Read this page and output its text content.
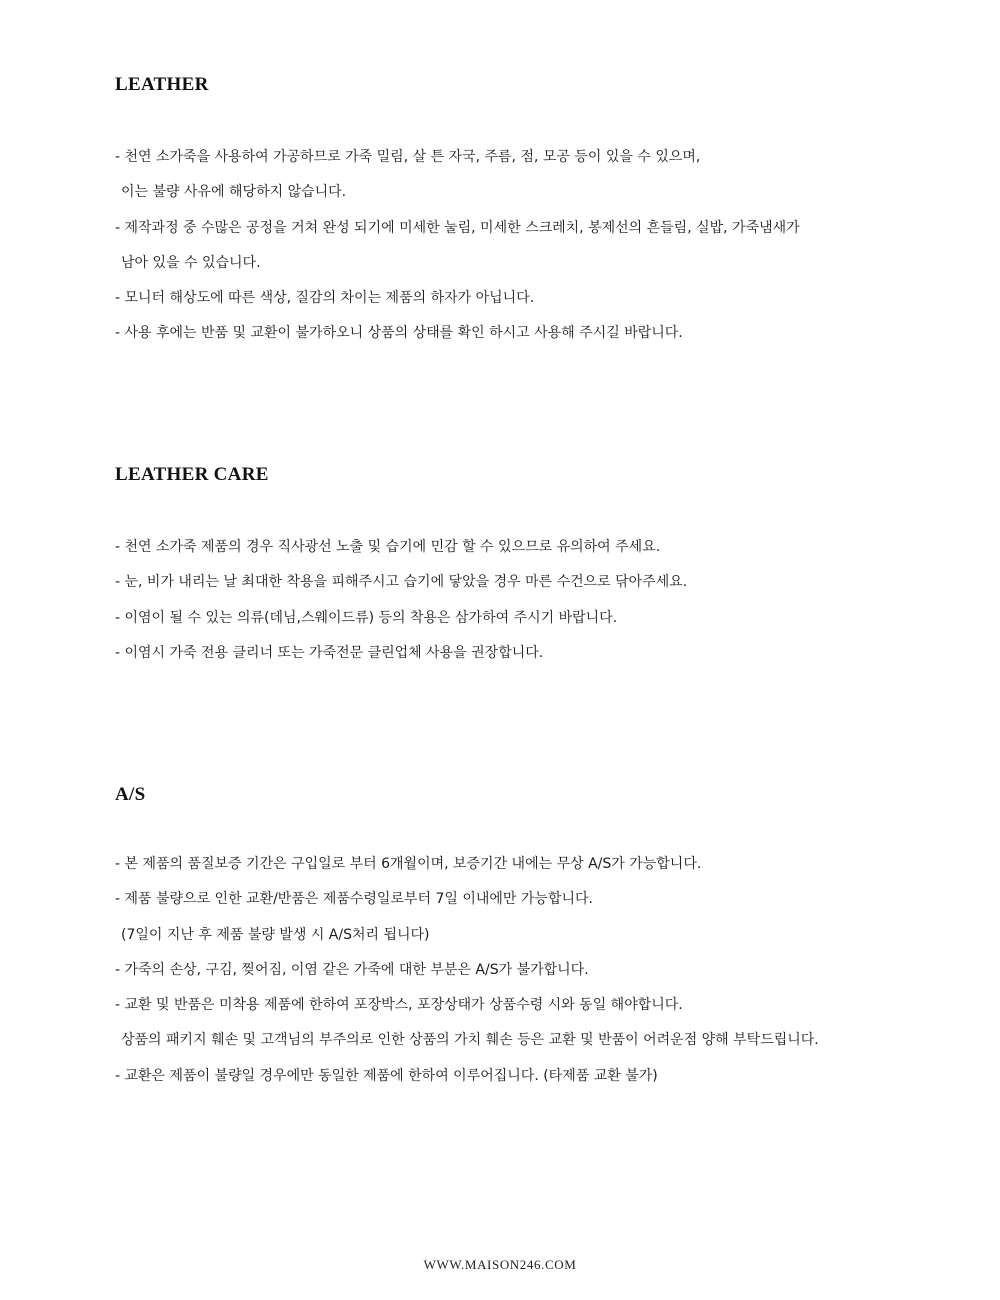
LEATHER
- 천연 소가죽을 사용하여 가공하므로 가죽 밀림, 살 튼 자국, 주름, 점, 모공 등이 있을 수 있으며,
이는 불량 사유에 해당하지 않습니다.
- 제작과정 중 수많은 공정을 거쳐 완성 되기에 미세한 눌림, 미세한 스크레치, 봉제선의 흔들림, 실밥, 가죽냄새가
남아 있을 수 있습니다.
- 모니터 해상도에 따른 색상, 질감의 차이는 제품의 하자가 아닙니다.
- 사용 후에는 반품 및 교환이 불가하오니 상품의 상태를 확인 하시고 사용해 주시길 바랍니다.
LEATHER CARE
- 천연 소가죽 제품의 경우 직사광선 노출 및 습기에 민감 할 수 있으므로 유의하여 주세요.
- 눈, 비가 내리는 날 최대한 착용을 피해주시고 습기에 닿았을 경우 마른 수건으로 닦아주세요.
- 이염이 될 수 있는 의류(데님,스웨이드류) 등의 착용은 삼가하여 주시기 바랍니다.
- 이염시 가죽 전용 클리너 또는 가죽전문 클린업체 사용을 권장합니다.
A/S
- 본 제품의 품질보증 기간은 구입일로 부터 6개월이며, 보증기간 내에는 무상 A/S가 가능합니다.
- 제품 불량으로 인한 교환/반품은 제품수령일로부터 7일 이내에만 가능합니다.
(7일이 지난 후 제품 불량 발생 시 A/S처리 됩니다)
- 가죽의 손상, 구김, 찢어짐, 이염 같은 가죽에 대한 부분은 A/S가 불가합니다.
- 교환 및 반품은 미착용 제품에 한하여 포장박스, 포장상태가 상품수령 시와 동일 해야합니다.
상품의 패키지 훼손 및 고객님의 부주의로 인한 상품의 가치 훼손 등은 교환 및 반품이 어려운점 양해 부탁드립니다.
- 교환은 제품이 불량일 경우에만 동일한 제품에 한하여 이루어집니다. (타제품 교환 불가)
WWW.MAISON246.COM
